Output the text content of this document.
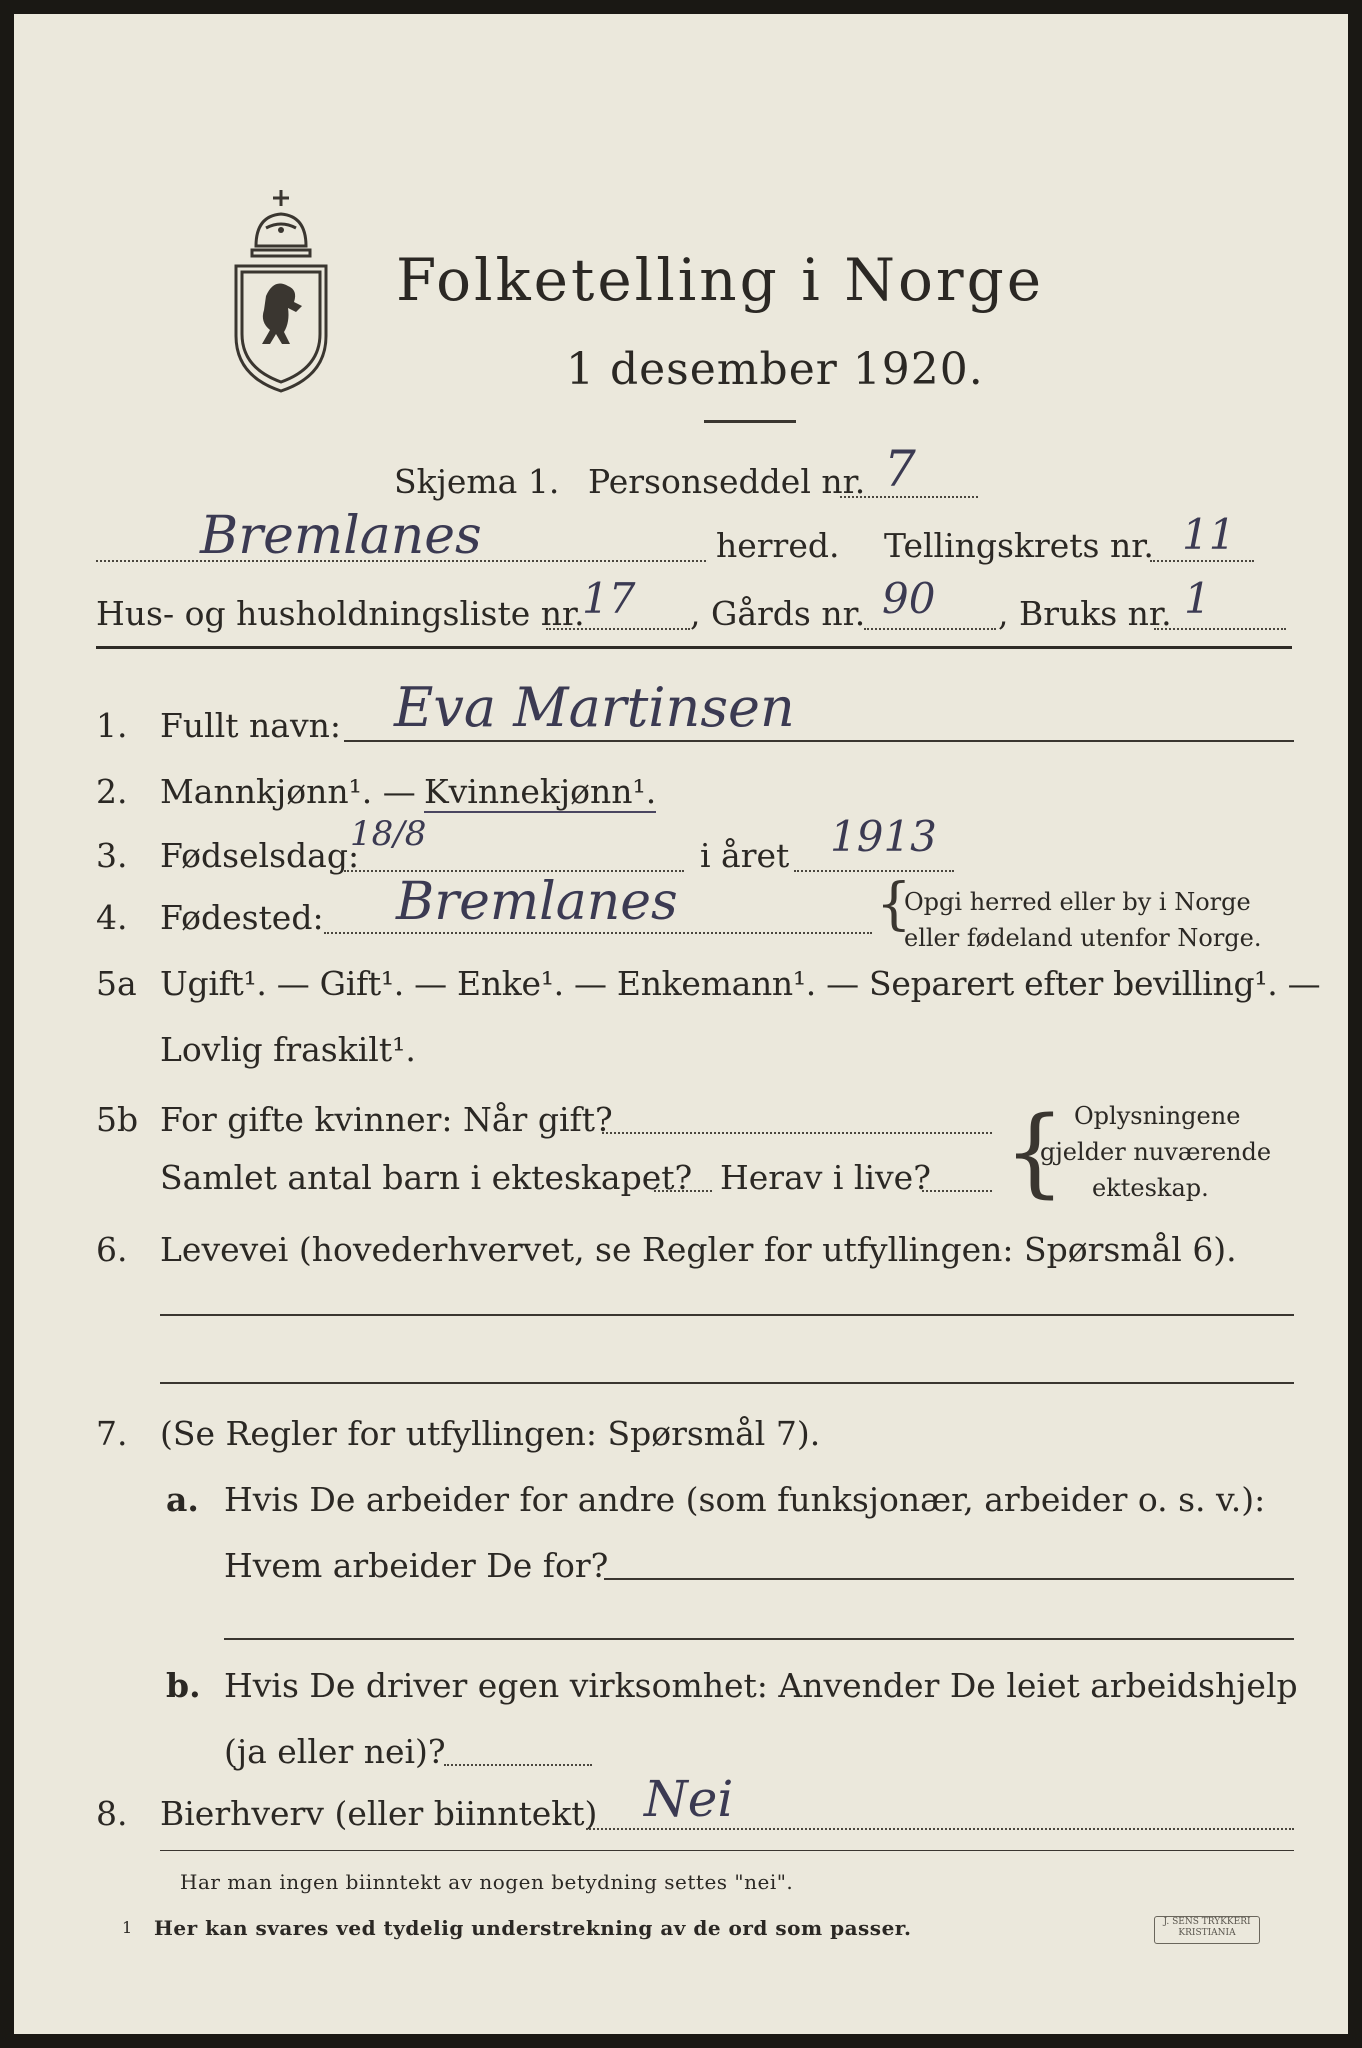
Folketelling i Norge
1 desember 1920.
Skjema 1. Personseddel nr. 7
Bremlanes	herred. Tellingskrets nr. 11
Hus- og husholdningsliste nr.
17 , Gårds nr. 90 , Bruks nr. 1
1. Fullt navn: Eva Martinsen
2. Mannkjønn¹. — Kvinnekjønn¹.
3. Fødselsdag:
18/8
i året 1913
4. Fødested: Bremlanes	{
Opgi herred eller by i Norge
eller fødeland utenfor Norge.
5a Ugift¹. — Gift¹. — Enke¹. — Enkemann¹. — Separert efter bevilling¹. —
Lovlig fraskilt¹.
5b For gifte kvinner: Når gift?
Samlet antal barn i ekteskapet? Herav i live? { Oplysningene
gjelder nuværende
ekteskap.
6. Levevei (hovederhvervet, se Regler for utfyllingen: Spørsmål 6).
7. (Se Regler for utfyllingen: Spørsmål 7).
a. Hvis De arbeider for andre (som funksjonær, arbeider o. s. v.):
Hvem arbeider De for?
b. Hvis De driver egen virksomhet: Anvender De leiet arbeidshjelp
(ja eller nei)?
8. Bierhverv (eller biinntekt) Nei
Har man ingen biinntekt av nogen betydning settes "nei".
1 Her kan svares ved tydelig understrekning av de ord som passer.	J. SENS TRYKKERI KRISTIANIA
